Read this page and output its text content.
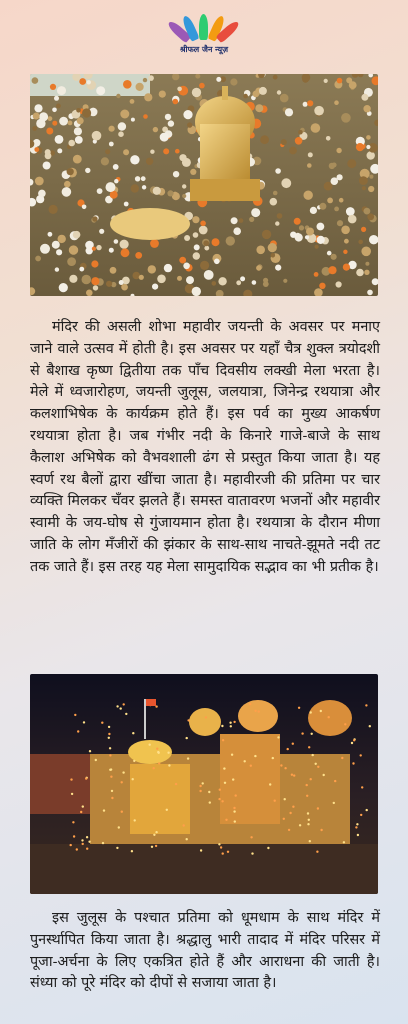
श्रीफल जैन न्यूज़

मंदिर की असली शोभा महावीर जयन्ती के अवसर पर मनाए जाने वाले उत्सव में होती है। इस अवसर पर यहाँ चैत्र शुक्ल त्रयोदशी से बैशाख कृष्ण द्वितीया तक पाँच दिवसीय लक्खी मेला भरता है। मेले में ध्वजारोहण, जयन्ती जुलूस, जलयात्रा, जिनेन्द्र रथयात्रा और कलशाभिषेक के कार्यक्रम होते हैं। इस पर्व का मुख्य आकर्षण रथयात्रा होता है। जब गंभीर नदी के किनारे गाजे-बाजे के साथ कैलाश अभिषेक को वैभवशाली ढंग से प्रस्तुत किया जाता है। यह स्वर्ण रथ बैलों द्वारा खींचा जाता है। महावीरजी की प्रतिमा पर चार व्यक्ति मिलकर चँवर झलते हैं। समस्त वातावरण भजनों और महावीर स्वामी के जय-घोष से गुंजायमान होता है। रथयात्रा के दौरान मीणा जाति के लोग मँजीरों की झंकार के साथ-साथ नाचते-झूमते नदी तट तक जाते हैं। इस तरह यह मेला सामुदायिक सद्भाव का भी प्रतीक है।

इस जुलूस के पश्चात प्रतिमा को धूमधाम के साथ मंदिर में पुनर्स्थापित किया जाता है। श्रद्धालु भारी तादाद में मंदिर परिसर में पूजा-अर्चना के लिए एकत्रित होते हैं और आराधना की जाती है। संध्या को पूरे मंदिर को दीपों से सजाया जाता है।
